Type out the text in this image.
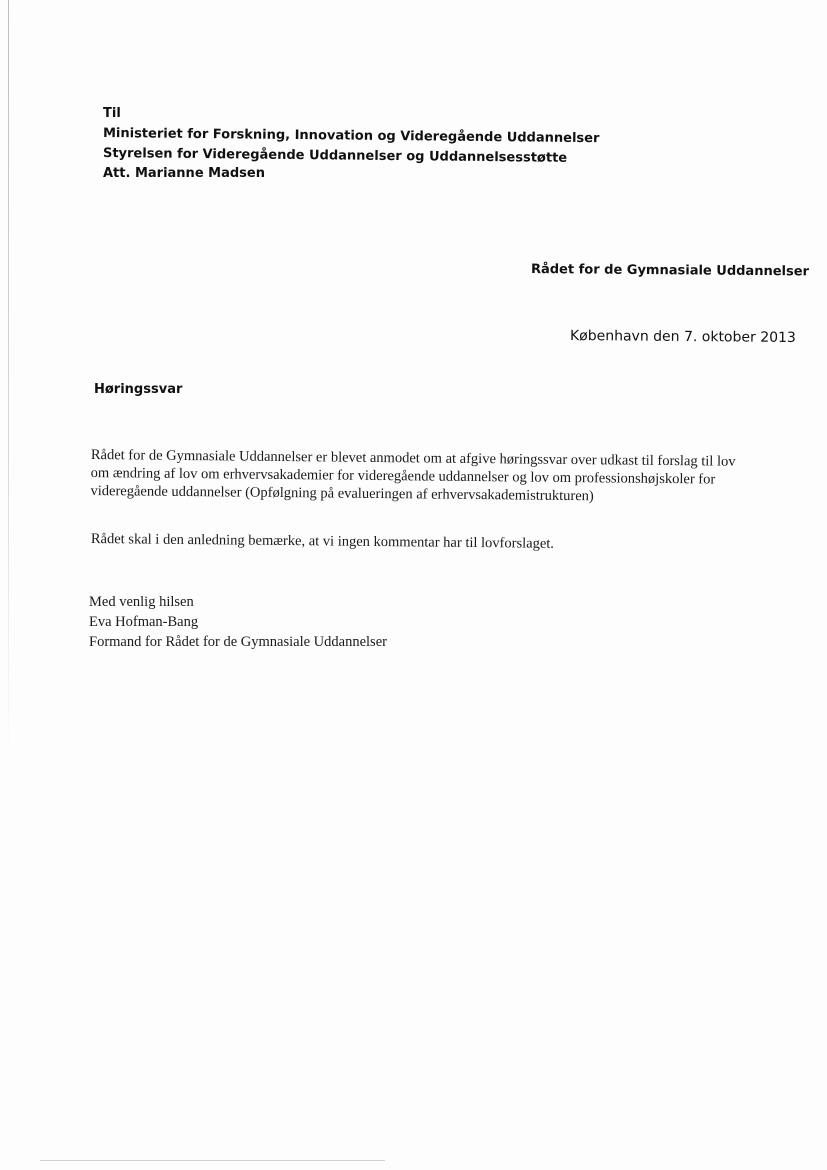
Til
Ministeriet for Forskning, Innovation og Videregående Uddannelser
Styrelsen for Videregående Uddannelser og Uddannelsesstøtte
Att. Marianne Madsen
Rådet for de Gymnasiale Uddannelser
København den 7. oktober 2013
Høringssvar
Rådet for de Gymnasiale Uddannelser er blevet anmodet om at afgive høringssvar over udkast til forslag til lov
om ændring af lov om erhvervsakademier for videregående uddannelser og lov om professionshøjskoler for
videregående uddannelser (Opfølgning på evalueringen af erhvervsakademistrukturen)
Rådet skal i den anledning bemærke, at vi ingen kommentar har til lovforslaget.
Med venlig hilsen
Eva Hofman-Bang
Formand for Rådet for de Gymnasiale Uddannelser
